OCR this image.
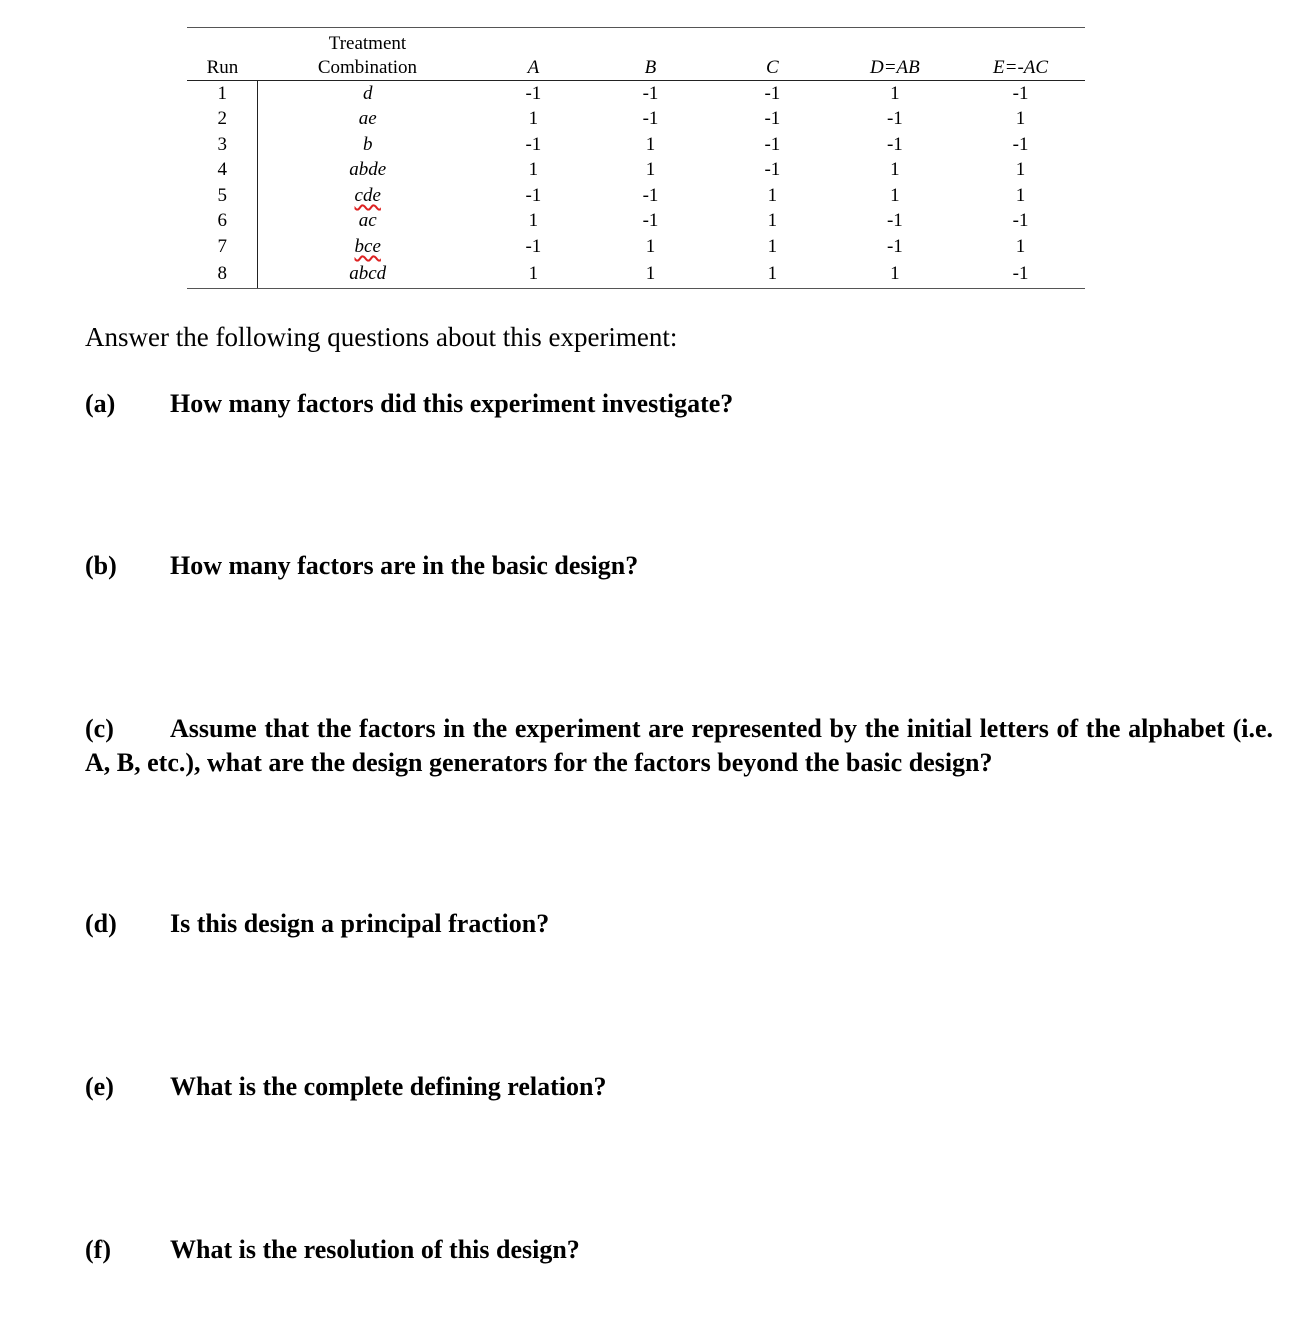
Run	Treatment
Combination	A	B	C	D=AB	E=-AC
1	d	-1	-1	-1	1	-1
2	ae	1	-1	-1	-1	1
3	b	-1	1	-1	-1	-1
4	abde	1	1	-1	1	1
5	cde	-1	-1	1	1	1
6	ac	1	-1	1	-1	-1
7	bce	-1	1	1	-1	1
8	abcd	1	1	1	1	-1

Answer the following questions about this experiment:

(a) How many factors did this experiment investigate?

(b) How many factors are in the basic design?

(c) Assume that the factors in the experiment are represented by the initial letters of the alphabet (i.e. A, B, etc.), what are the design generators for the factors beyond the basic design?

(d) Is this design a principal fraction?

(e) What is the complete defining relation?

(f) What is the resolution of this design?
